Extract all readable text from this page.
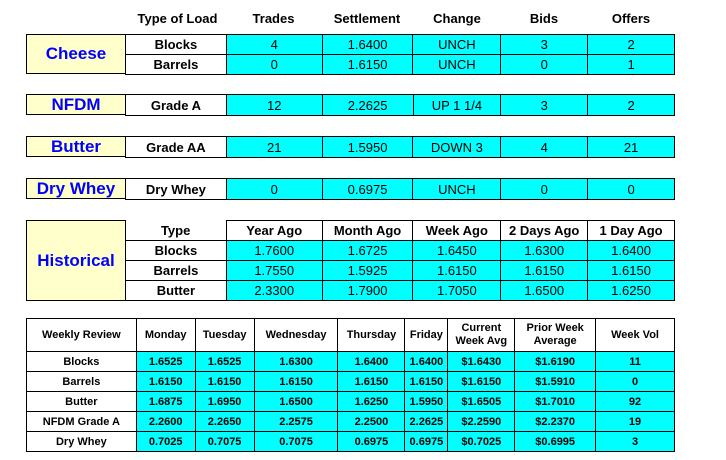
Type of Load	Trades	Settlement	Change	Bids	Offers
Cheese	Blocks	4	1.6400	UNCH	3	2
Barrels	0	1.6150	UNCH	0	1
NFDM	Grade A	12	2.2625	UP 1 1/4	3	2
Butter	Grade AA	21	1.5950	DOWN 3	4	21
Dry Whey	Dry Whey	0	0.6975	UNCH	0	0
Historical
Type	Year Ago	Month Ago	Week Ago	2 Days Ago	1 Day Ago
Blocks	1.7600	1.6725	1.6450	1.6300	1.6400
Barrels	1.7550	1.5925	1.6150	1.6150	1.6150
Butter	2.3300	1.7900	1.7050	1.6500	1.6250
Weekly Review	Monday	Tuesday	Wednesday	Thursday	Friday	Current Week Avg	Prior Week Average	Week Vol
Blocks	1.6525	1.6525	1.6300	1.6400	1.6400	$1.6430	$1.6190	11
Barrels	1.6150	1.6150	1.6150	1.6150	1.6150	$1.6150	$1.5910	0
Butter	1.6875	1.6950	1.6500	1.6250	1.5950	$1.6505	$1.7010	92
NFDM Grade A	2.2600	2.2650	2.2575	2.2500	2.2625	$2.2590	$2.2370	19
Dry Whey	0.7025	0.7075	0.7075	0.6975	0.6975	$0.7025	$0.6995	3
